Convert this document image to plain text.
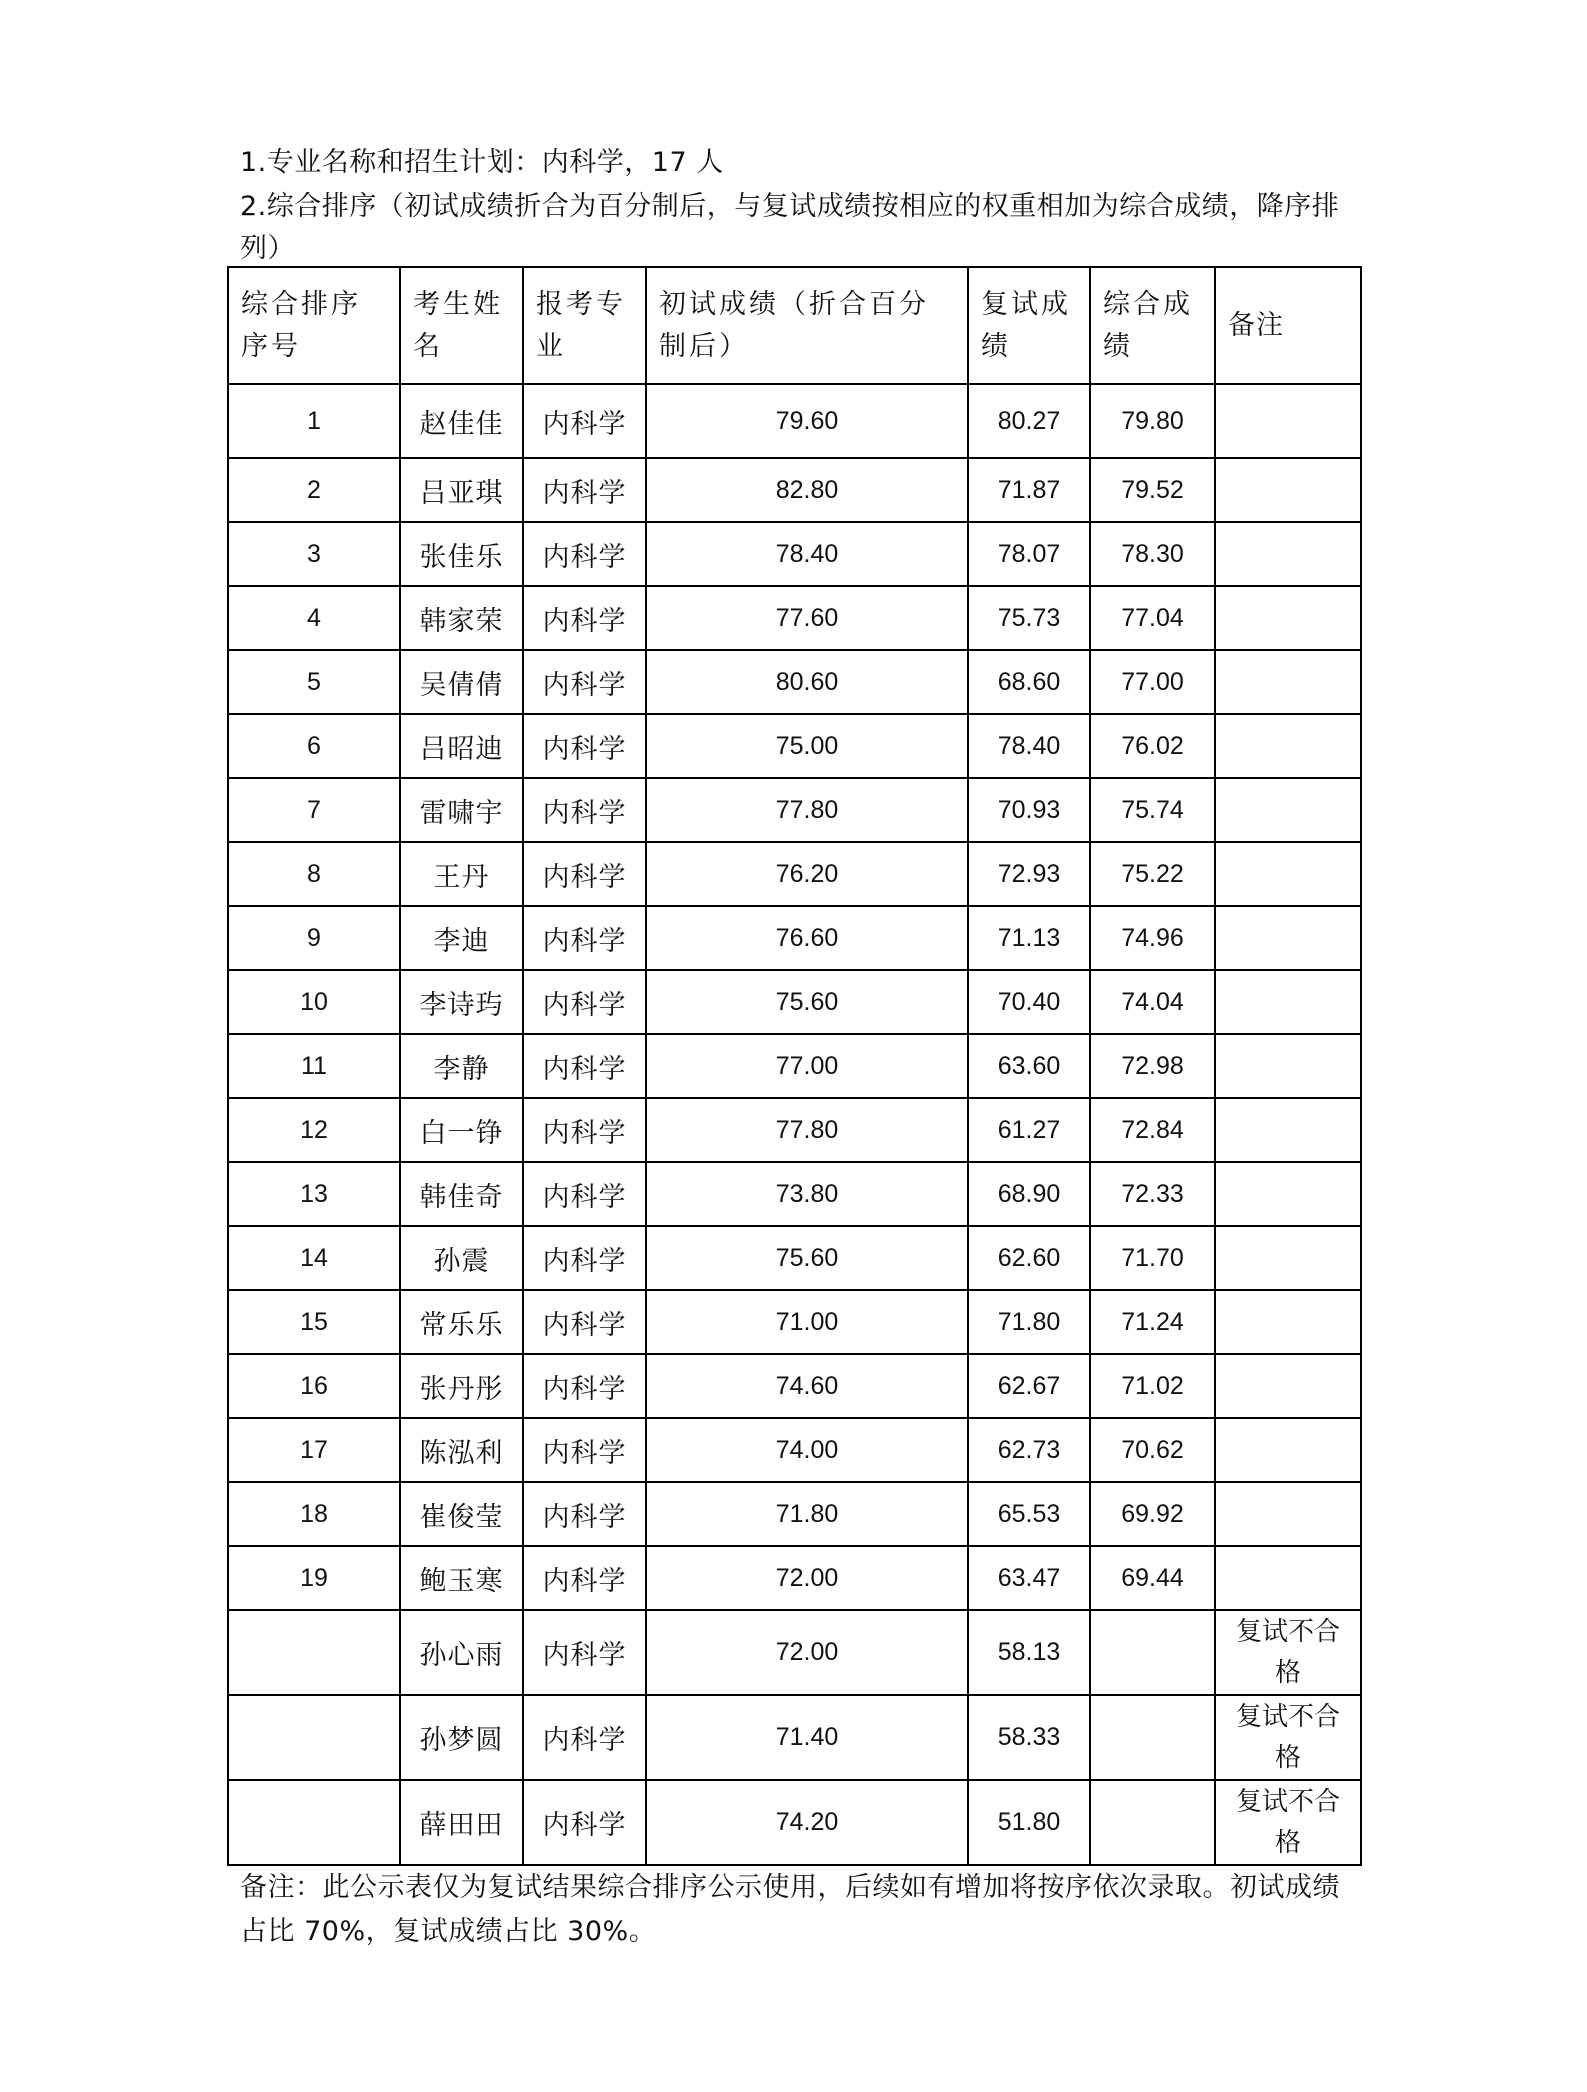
1.专业名称和招生计划：内科学，17 人

2.综合排序（初试成绩折合为百分制后，与复试成绩按相应的权重相加为综合成绩，降序排列）

综合排序序号	考生姓名	报考专业	初试成绩（折合百分制后）	复试成绩	综合成绩	备注
1	赵佳佳	内科学	79.60	80.27	79.80	
2	吕亚琪	内科学	82.80	71.87	79.52	
3	张佳乐	内科学	78.40	78.07	78.30	
4	韩家荣	内科学	77.60	75.73	77.04	
5	吴倩倩	内科学	80.60	68.60	77.00	
6	吕昭迪	内科学	75.00	78.40	76.02	
7	雷啸宇	内科学	77.80	70.93	75.74	
8	王丹	内科学	76.20	72.93	75.22	
9	李迪	内科学	76.60	71.13	74.96	
10	李诗玙	内科学	75.60	70.40	74.04	
11	李静	内科学	77.00	63.60	72.98	
12	白一铮	内科学	77.80	61.27	72.84	
13	韩佳奇	内科学	73.80	68.90	72.33	
14	孙震	内科学	75.60	62.60	71.70	
15	常乐乐	内科学	71.00	71.80	71.24	
16	张丹彤	内科学	74.60	62.67	71.02	
17	陈泓利	内科学	74.00	62.73	70.62	
18	崔俊莹	内科学	71.80	65.53	69.92	
19	鲍玉寒	内科学	72.00	63.47	69.44	
	孙心雨	内科学	72.00	58.13		复试不合格
	孙梦圆	内科学	71.40	58.33		复试不合格
	薛田田	内科学	74.20	51.80		复试不合格

备注：此公示表仅为复试结果综合排序公示使用，后续如有增加将按序依次录取。初试成绩占比 70%，复试成绩占比 30%。
